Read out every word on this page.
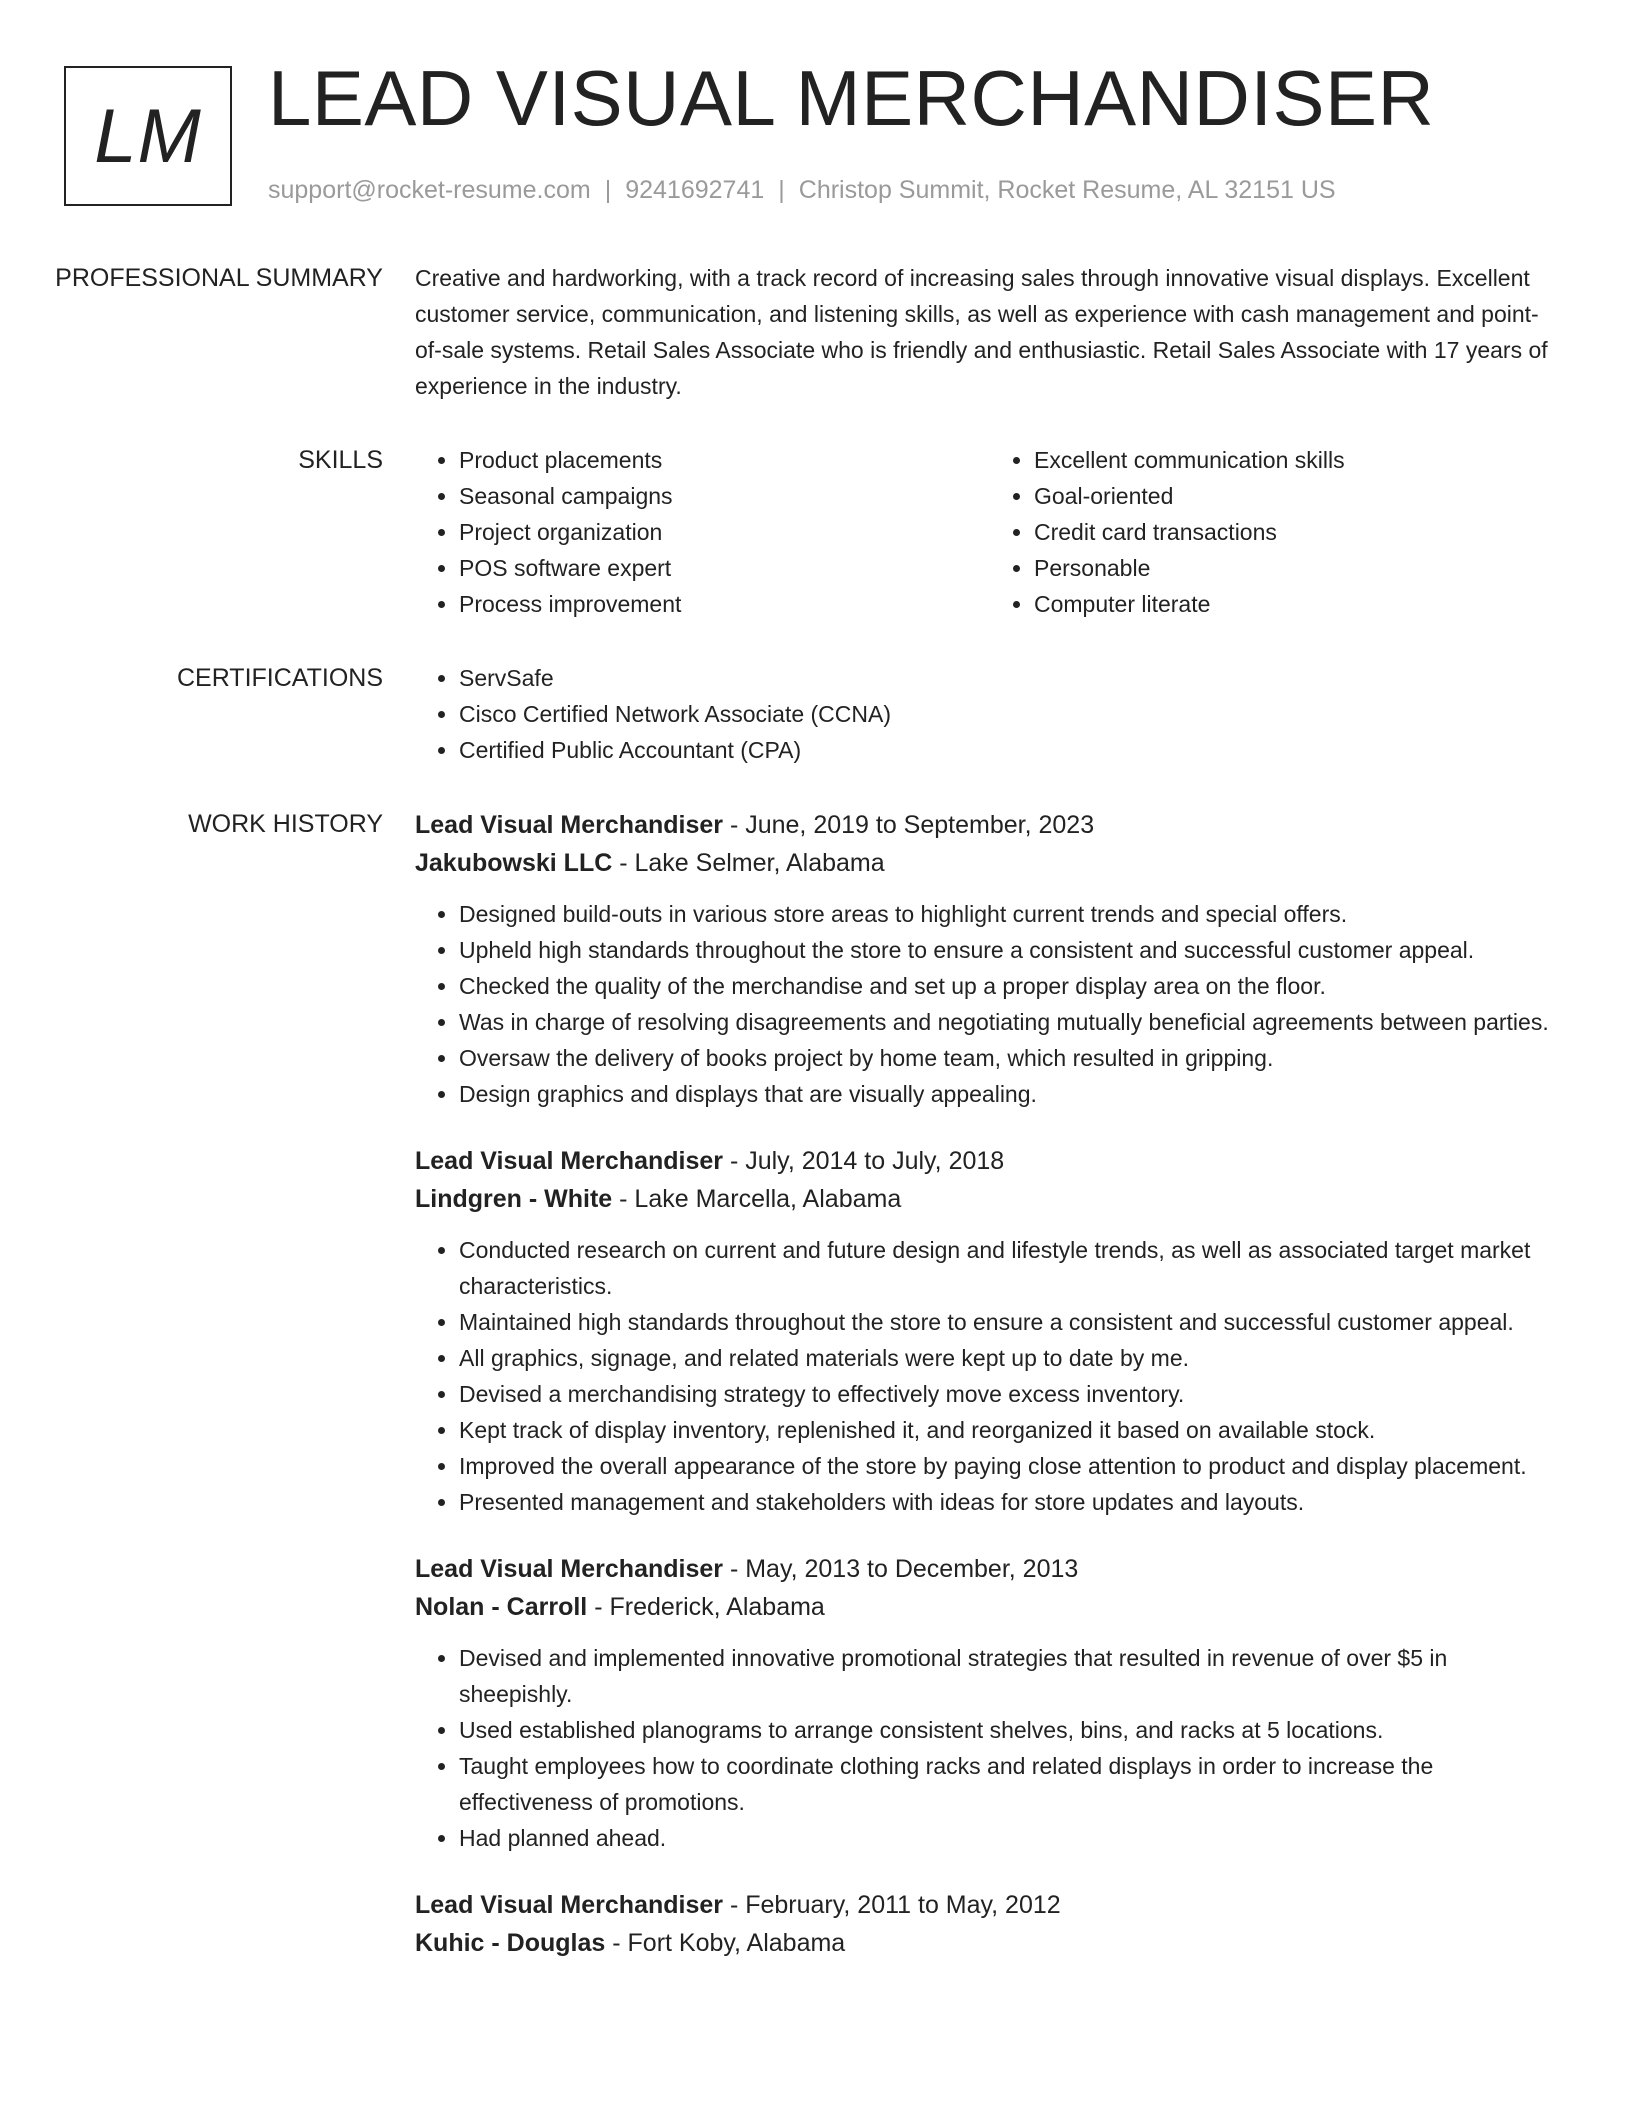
LM LEAD VISUAL MERCHANDISER
support@rocket-resume.com | 9241692741 | Christop Summit, Rocket Resume, AL 32151 US
PROFESSIONAL SUMMARY	Creative and hardworking, with a track record of increasing sales through innovative visual displays. Excellent customer service, communication, and listening skills, as well as experience with cash management and point-of-sale systems. Retail Sales Associate who is friendly and enthusiastic. Retail Sales Associate with 17 years of experience in the industry.

SKILLS	• Product placements
• Seasonal campaigns
• Project organization
• POS software expert
• Process improvement
• Excellent communication skills
• Goal-oriented
• Credit card transactions
• Personable
• Computer literate
CERTIFICATIONS	• ServSafe
• Cisco Certified Network Associate (CCNA)
• Certified Public Accountant (CPA)
WORK HISTORY	Lead Visual Merchandiser - June, 2019 to September, 2023
Jakubowski LLC - Lake Selmer, Alabama
• Designed build-outs in various store areas to highlight current trends and special offers.
• Upheld high standards throughout the store to ensure a consistent and successful customer appeal.
• Checked the quality of the merchandise and set up a proper display area on the floor.
• Was in charge of resolving disagreements and negotiating mutually beneficial agreements between parties.
• Oversaw the delivery of books project by home team, which resulted in gripping.
• Design graphics and displays that are visually appealing.
Lead Visual Merchandiser - July, 2014 to July, 2018
Lindgren - White - Lake Marcella, Alabama
• Conducted research on current and future design and lifestyle trends, as well as associated target market characteristics.
• Maintained high standards throughout the store to ensure a consistent and successful customer appeal.
• All graphics, signage, and related materials were kept up to date by me.
• Devised a merchandising strategy to effectively move excess inventory.
• Kept track of display inventory, replenished it, and reorganized it based on available stock.
• Improved the overall appearance of the store by paying close attention to product and display placement.
• Presented management and stakeholders with ideas for store updates and layouts.
Lead Visual Merchandiser - May, 2013 to December, 2013
Nolan - Carroll - Frederick, Alabama
• Devised and implemented innovative promotional strategies that resulted in revenue of over $5 in sheepishly.
• Used established planograms to arrange consistent shelves, bins, and racks at 5 locations.
• Taught employees how to coordinate clothing racks and related displays in order to increase the effectiveness of promotions.
• Had planned ahead.
Lead Visual Merchandiser - February, 2011 to May, 2012
Kuhic - Douglas - Fort Koby, Alabama
